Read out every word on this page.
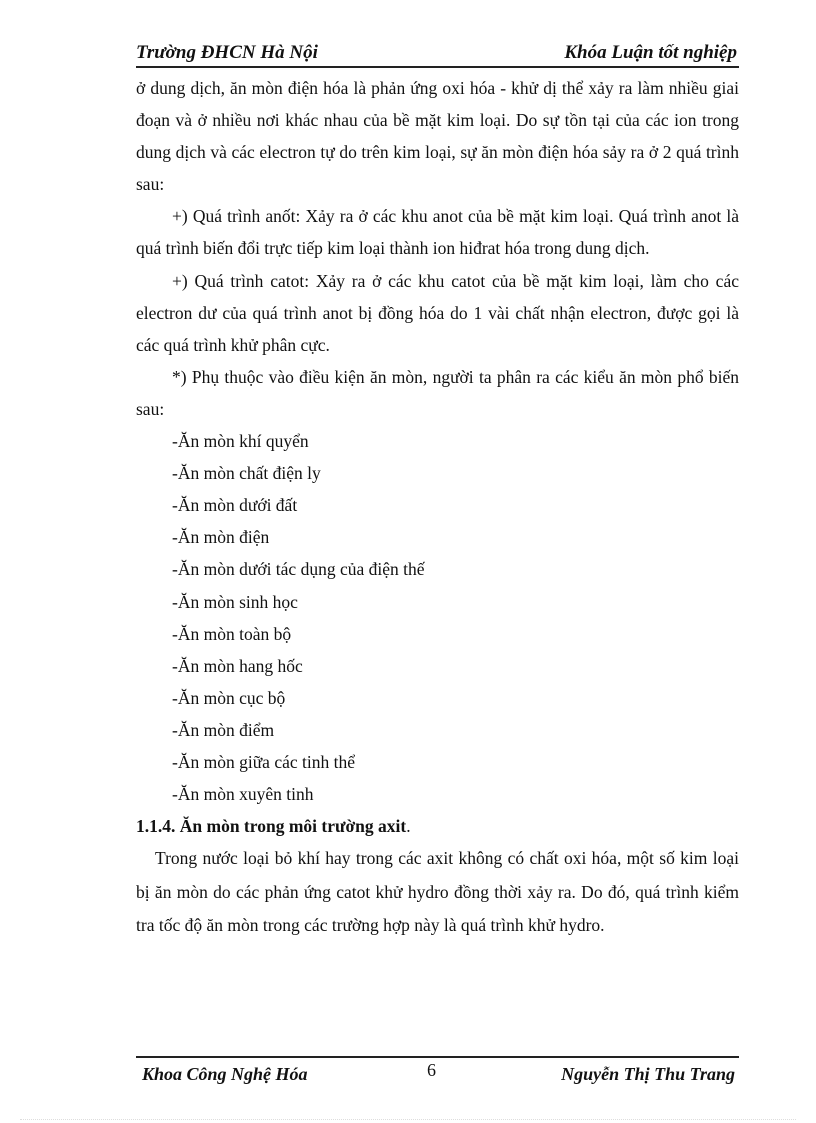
Trường ĐHCN Hà Nội	Khóa Luận tốt nghiệp

ở dung dịch, ăn mòn điện hóa là phản ứng oxi hóa - khử dị thể xảy ra làm nhiều giai đoạn và ở nhiều nơi khác nhau của bề mặt kim loại. Do sự tồn tại của các ion trong dung dịch và các electron tự do trên kim loại, sự ăn mòn điện hóa sảy ra ở 2 quá trình sau:

+) Quá trình anốt: Xảy ra ở các khu anot của bề mặt kim loại. Quá trình anot là quá trình biến đổi trực tiếp kim loại thành ion hiđrat hóa trong dung dịch.

+) Quá trình catot: Xảy ra ở các khu catot của bề mặt kim loại, làm cho các electron dư của quá trình anot bị đồng hóa do 1 vài chất nhận electron, được gọi là các quá trình khử phân cực.

*) Phụ thuộc vào điều kiện ăn mòn, người ta phân ra các kiểu ăn mòn phổ biến sau:

-Ăn mòn khí quyển

-Ăn mòn chất điện ly

-Ăn mòn dưới đất

-Ăn mòn điện

-Ăn mòn dưới tác dụng của điện thế

-Ăn mòn sinh học

-Ăn mòn toàn bộ

-Ăn mòn hang hốc

-Ăn mòn cục bộ

-Ăn mòn điểm

-Ăn mòn giữa các tinh thể

-Ăn mòn xuyên tinh

1.1.4. Ăn mòn trong môi trường axit.

Trong nước loại bỏ khí hay trong các axit không có chất oxi hóa, một số kim loại bị ăn mòn do các phản ứng catot khử hydro đồng thời xảy ra. Do đó, quá trình kiểm tra tốc độ ăn mòn trong các trường hợp này là quá trình khử hydro.

Khoa Công Nghệ Hóa	6	Nguyễn Thị Thu Trang
